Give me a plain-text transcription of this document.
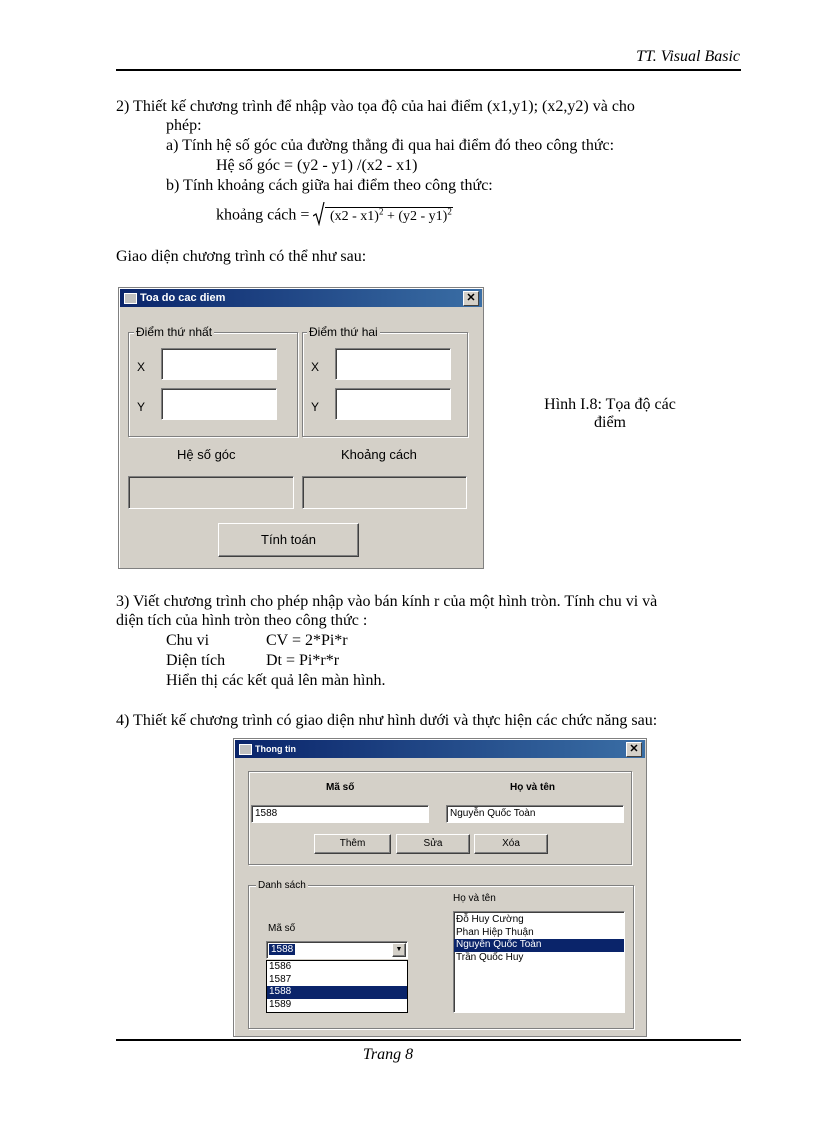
TT. Visual Basic
2) Thiết kế chương trình để nhập vào tọa độ của hai điểm (x1,y1); (x2,y2) và cho
phép:
a) Tính hệ số góc của đường thẳng đi qua hai điểm đó theo công thức:
Hệ số góc = (y2 - y1) /(x2 - x1)
b) Tính khoảng cách giữa hai điểm theo công thức:
khoảng cách = (x2 - x1)$^2$ + (y2 - y1)$^2$
Giao diện chương trình có thể như sau:
Toa do cac diem	✕
Điểm thứ nhất
X
Y
Điểm thứ hai
X
Y
Hệ số góc	Khoảng cách
Tính toán
Hình I.8: Tọa độ các
điểm
3) Viết chương trình cho phép nhập vào bán kính r của một hình tròn. Tính chu vi và
diện tích của hình tròn theo công thức :
Chu vi	CV = 2*Pi*r
Diện tích	Dt = Pi*r*r
Hiển thị các kết quả lên màn hình.
4) Thiết kế chương trình có giao diện như hình dưới và thực hiện các chức năng sau:
Thong tin	✕
Mã số	Họ và tên
1588	Nguyễn Quốc Toàn
Thêm	Sửa	Xóa
Danh sách
Họ và tên
Mã số
1588	▼
1586
1587
1588
1589
Đỗ Huy Cường
Phan Hiệp Thuận
Nguyễn Quốc Toàn
Trần Quốc Huy
Trang 8
